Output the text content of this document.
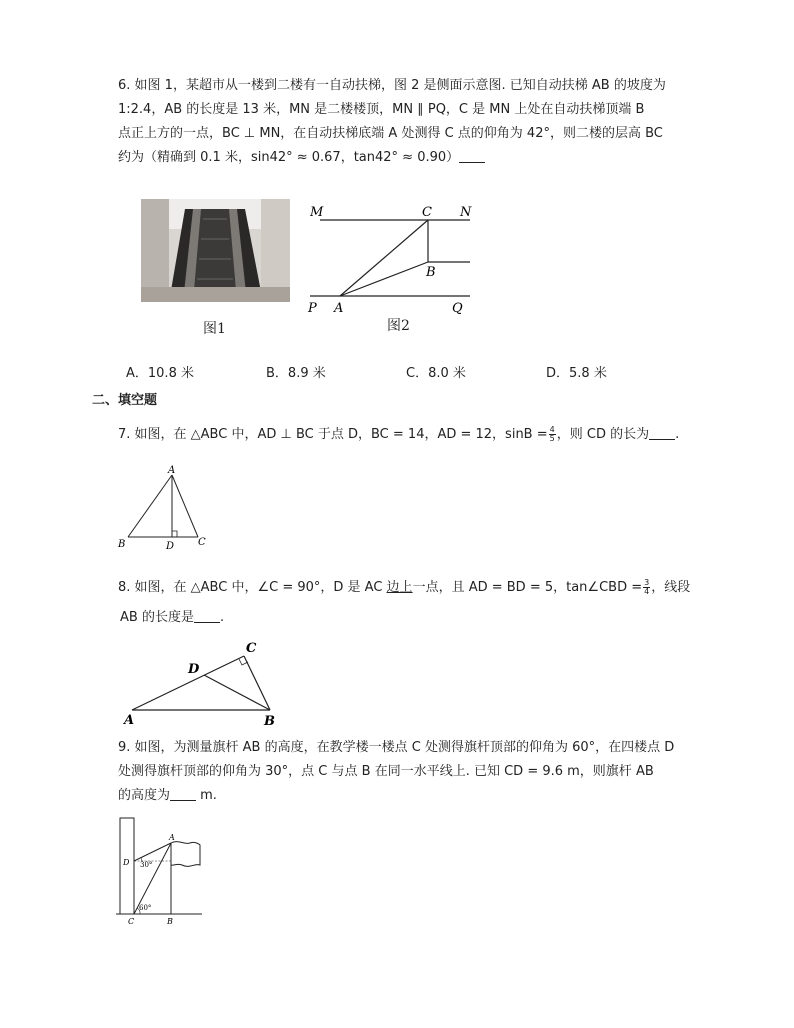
6. 如图 1，某超市从一楼到二楼有一自动扶梯，图 2 是侧面示意图. 已知自动扶梯 AB 的坡度为
1:2.4，AB 的长度是 13 米，MN 是二楼楼顶，MN ∥ PQ，C 是 MN 上处在自动扶梯顶端 B
点正上方的一点，BC ⊥ MN，在自动扶梯底端 A 处测得 C 点的仰角为 42°，则二楼的层高 BC
约为（精确到 0.1 米，sin42° ≈ 0.67，tan42° ≈ 0.90）
图1
M	C N
B
P A	Q
图2
A．10.8 米	B．8.9 米	C．8.0 米	D．5.8 米
二、填空题
7. 如图，在 △ABC 中，AD ⊥ BC 于点 D，BC = 14，AD = 12，$\sin B = \frac{4}{5}$ ，则 CD 的长为 .
A
B	D C
8. 如图，在 △ABC 中，∠C = 90°，D 是 AC 边上一点，且 AD = BD = 5，tan∠CBD = $\frac{3}{4}$ ，线段
AB 的长度是 .
A	B
C
D
9. 如图，为测量旗杆 AB 的高度，在教学楼一楼点 C 处测得旗杆顶部的仰角为 60°，在四楼点 D
处测得旗杆顶部的仰角为 30°，点 C 与点 B 在同一水平线上. 已知 CD = 9.6 m，则旗杆 AB
的高度为 m.
A
D 30°
60°
C	B
